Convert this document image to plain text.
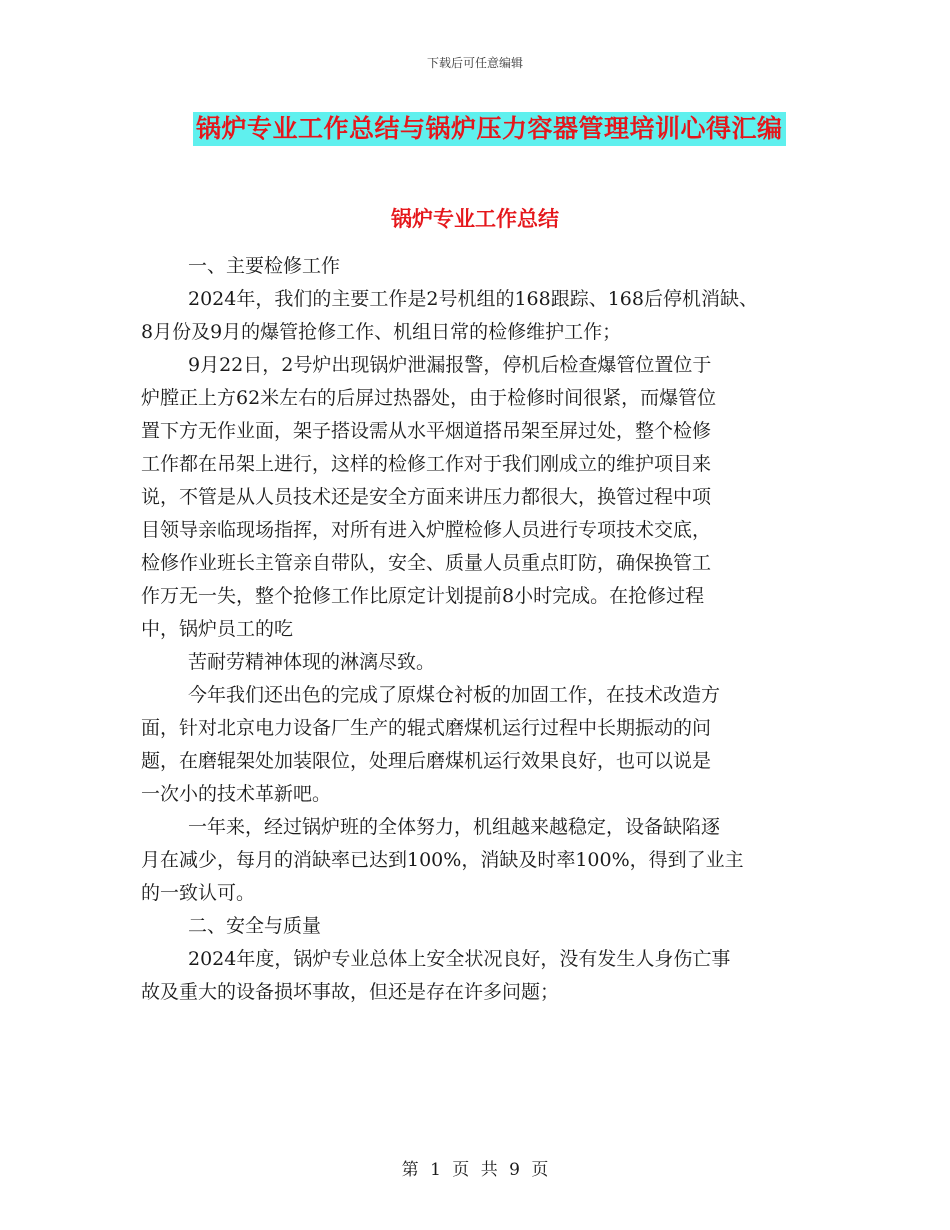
下载后可任意编辑
锅炉专业工作总结与锅炉压力容器管理培训心得汇编
锅炉专业工作总结
一、主要检修工作
2024年，我们的主要工作是2号机组的168跟踪、168后停机消缺、
8月份及9月的爆管抢修工作、机组日常的检修维护工作；
9月22日，2号炉出现锅炉泄漏报警，停机后检查爆管位置位于
炉膛正上方62米左右的后屏过热器处，由于检修时间很紧，而爆管位
置下方无作业面，架子搭设需从水平烟道搭吊架至屏过处，整个检修
工作都在吊架上进行，这样的检修工作对于我们刚成立的维护项目来
说，不管是从人员技术还是安全方面来讲压力都很大，换管过程中项
目领导亲临现场指挥，对所有进入炉膛检修人员进行专项技术交底，
检修作业班长主管亲自带队，安全、质量人员重点盯防，确保换管工
作万无一失，整个抢修工作比原定计划提前8小时完成。在抢修过程
中，锅炉员工的吃
苦耐劳精神体现的淋漓尽致。
今年我们还出色的完成了原煤仓衬板的加固工作，在技术改造方
面，针对北京电力设备厂生产的辊式磨煤机运行过程中长期振动的问
题，在磨辊架处加装限位，处理后磨煤机运行效果良好，也可以说是
一次小的技术革新吧。
一年来，经过锅炉班的全体努力，机组越来越稳定，设备缺陷逐
月在减少，每月的消缺率已达到100%，消缺及时率100%，得到了业主
的一致认可。
二、安全与质量
2024年度，锅炉专业总体上安全状况良好，没有发生人身伤亡事
故及重大的设备损坏事故，但还是存在许多问题；
第 1 页 共 9 页
